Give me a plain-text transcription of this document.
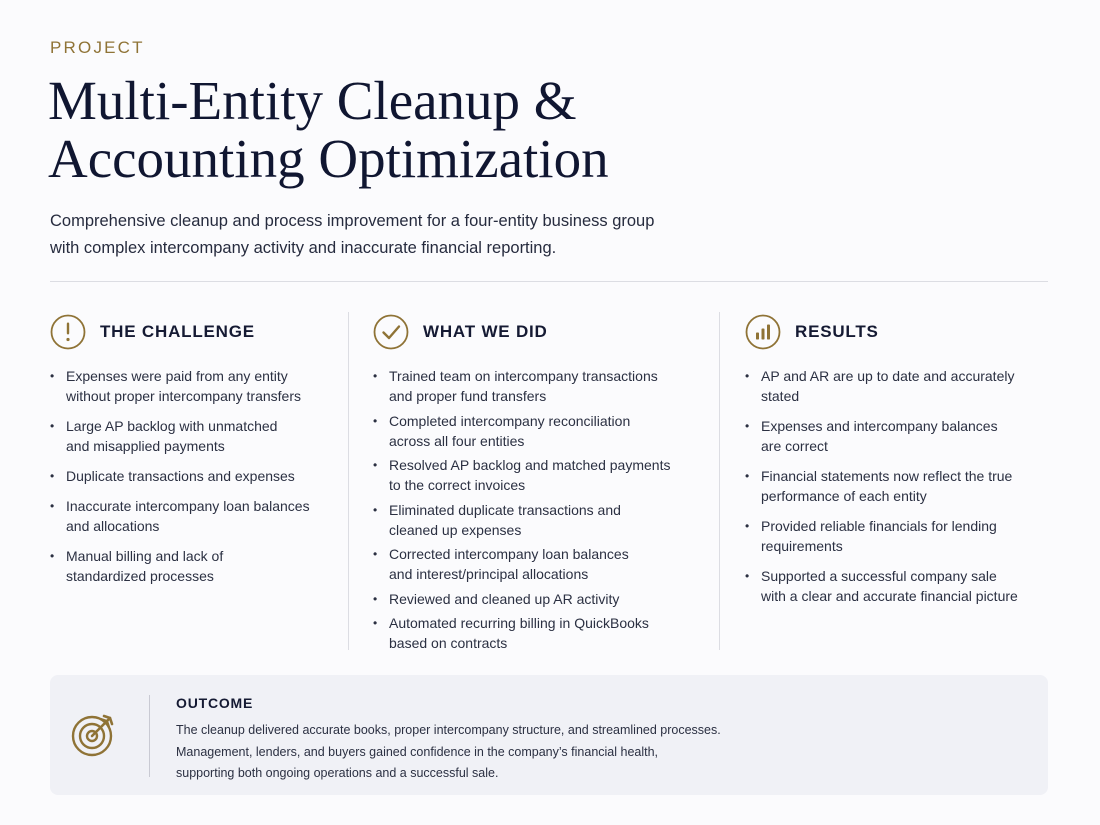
PROJECT
Multi-Entity Cleanup &
Accounting Optimization

Comprehensive cleanup and process improvement for a four-entity business group
with complex intercompany activity and inaccurate financial reporting.

THE CHALLENGE
• Expenses were paid from any entity
without proper intercompany transfers
• Large AP backlog with unmatched
and misapplied payments
• Duplicate transactions and expenses
• Inaccurate intercompany loan balances
and allocations
• Manual billing and lack of
standardized processes
WHAT WE DID
• Trained team on intercompany transactions
and proper fund transfers
• Completed intercompany reconciliation
across all four entities
• Resolved AP backlog and matched payments
to the correct invoices
• Eliminated duplicate transactions and
cleaned up expenses
• Corrected intercompany loan balances
and interest/principal allocations
• Reviewed and cleaned up AR activity
• Automated recurring billing in QuickBooks
based on contracts
RESULTS
• AP and AR are up to date and accurately
stated
• Expenses and intercompany balances
are correct
• Financial statements now reflect the true
performance of each entity
• Provided reliable financials for lending
requirements
• Supported a successful company sale
with a clear and accurate financial picture
OUTCOME

The cleanup delivered accurate books, proper intercompany structure, and streamlined processes.
Management, lenders, and buyers gained confidence in the company’s financial health,
supporting both ongoing operations and a successful sale.
